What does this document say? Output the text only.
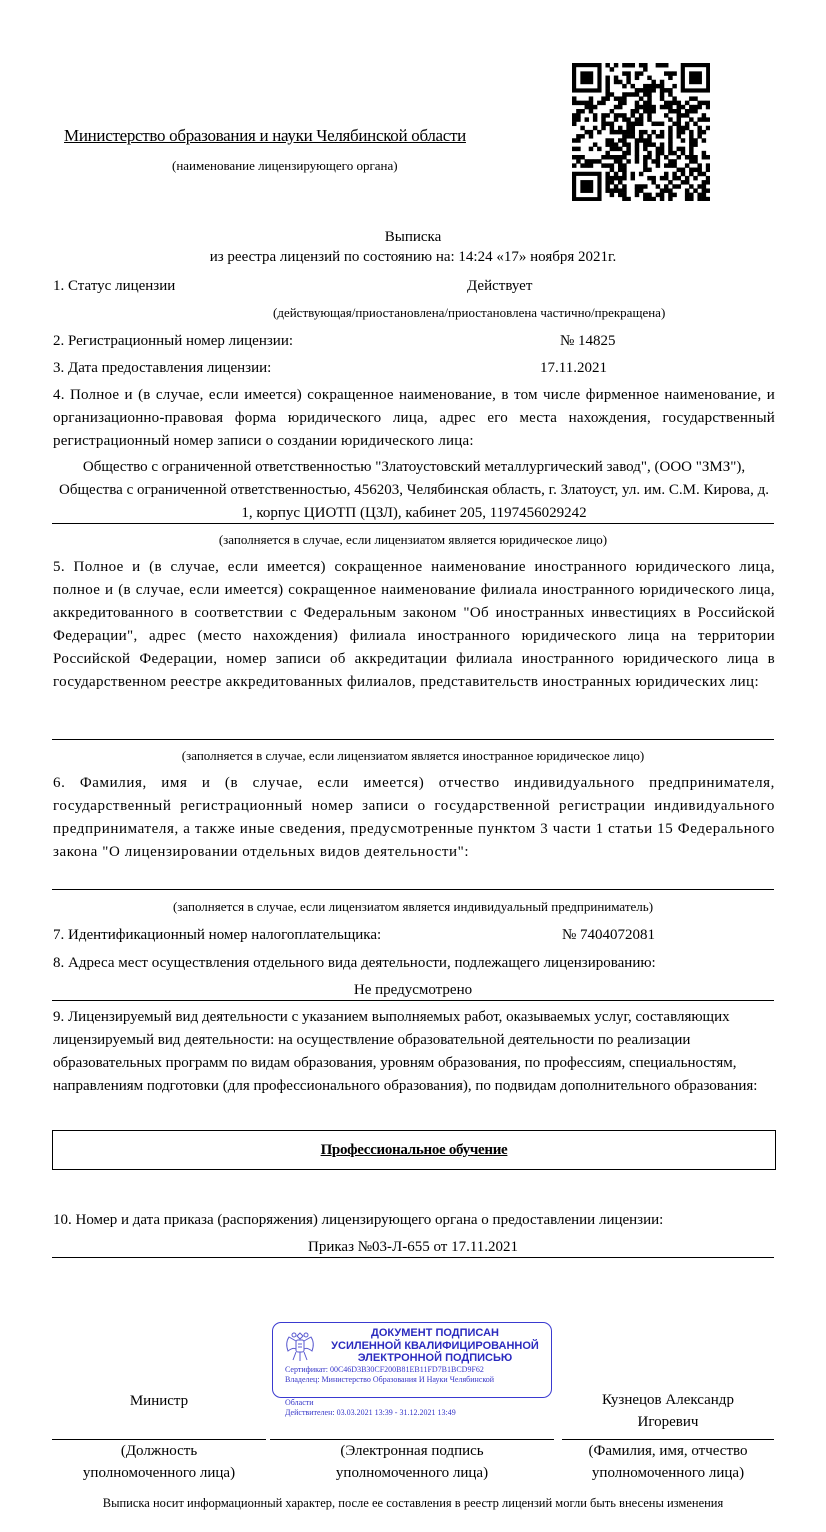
Министерство образования и науки Челябинской области
(наименование лицензирующего органа)
Выписка
из реестра лицензий по состоянию на: 14:24 «17» ноября 2021г.
1. Статус лицензии	Действует
(действующая/приостановлена/приостановлена частично/прекращена)
2. Регистрационный номер лицензии:	№ 14825
3. Дата предоставления лицензии:	17.11.2021
4. Полное и (в случае, если имеется) сокращенное наименование, в том числе фирменное наименование, и организационно-правовая форма юридического лица, адрес его места нахождения, государственный регистрационный номер записи о создании юридического лица:
Общество с ограниченной ответственностью "Златоустовский металлургический завод", (ООО "ЗМЗ"), Общества с ограниченной ответственностью, 456203, Челябинская область, г. Златоуст, ул. им. С.М. Кирова, д. 1, корпус ЦИОТП (ЦЗЛ), кабинет 205, 1197456029242
(заполняется в случае, если лицензиатом является юридическое лицо)
5. Полное и (в случае, если имеется) сокращенное наименование иностранного юридического лица, полное и (в случае, если имеется) сокращенное наименование филиала иностранного юридического лица, аккредитованного в соответствии с Федеральным законом "Об иностранных инвестициях в Российской Федерации", адрес (место нахождения) филиала иностранного юридического лица на территории Российской Федерации, номер записи об аккредитации филиала иностранного юридического лица в государственном реестре аккредитованных филиалов, представительств иностранных юридических лиц:
(заполняется в случае, если лицензиатом является иностранное юридическое лицо)
6. Фамилия, имя и (в случае, если имеется) отчество индивидуального предпринимателя, государственный регистрационный номер записи о государственной регистрации индивидуального предпринимателя, а также иные сведения, предусмотренные пунктом 3 части 1 статьи 15 Федерального закона "О лицензировании отдельных видов деятельности":
(заполняется в случае, если лицензиатом является индивидуальный предприниматель)
7. Идентификационный номер налогоплательщика:	№ 7404072081
8. Адреса мест осуществления отдельного вида деятельности, подлежащего лицензированию:
Не предусмотрено
9. Лицензируемый вид деятельности с указанием выполняемых работ, оказываемых услуг, составляющих лицензируемый вид деятельности: на осуществление образовательной деятельности по реализации образовательных программ по видам образования, уровням образования, по профессиям, специальностям, направлениям подготовки (для профессионального образования), по подвидам дополнительного образования:
Профессиональное обучение
10. Номер и дата приказа (распоряжения) лицензирующего органа о предоставлении лицензии:
Приказ №03-Л-655 от 17.11.2021
ДОКУМЕНТ ПОДПИСАН
УСИЛЕННОЙ КВАЛИФИЦИРОВАННОЙ
ЭЛЕКТРОННОЙ ПОДПИСЬЮ
Сертификат: 00C46D3B30CF200B81EB11FD7B1BCD9F62
Владелец: Министерство Образования И Науки Челябинской
Области
Действителен: 03.03.2021 13:39 - 31.12.2021 13:49
Министр	Кузнецов Александр
Игоревич
(Должность
уполномоченного лица)
(Электронная подпись
уполномоченного лица)
(Фамилия, имя, отчество
уполномоченного лица)
Выписка носит информационный характер, после ее составления в реестр лицензий могли быть внесены изменения
